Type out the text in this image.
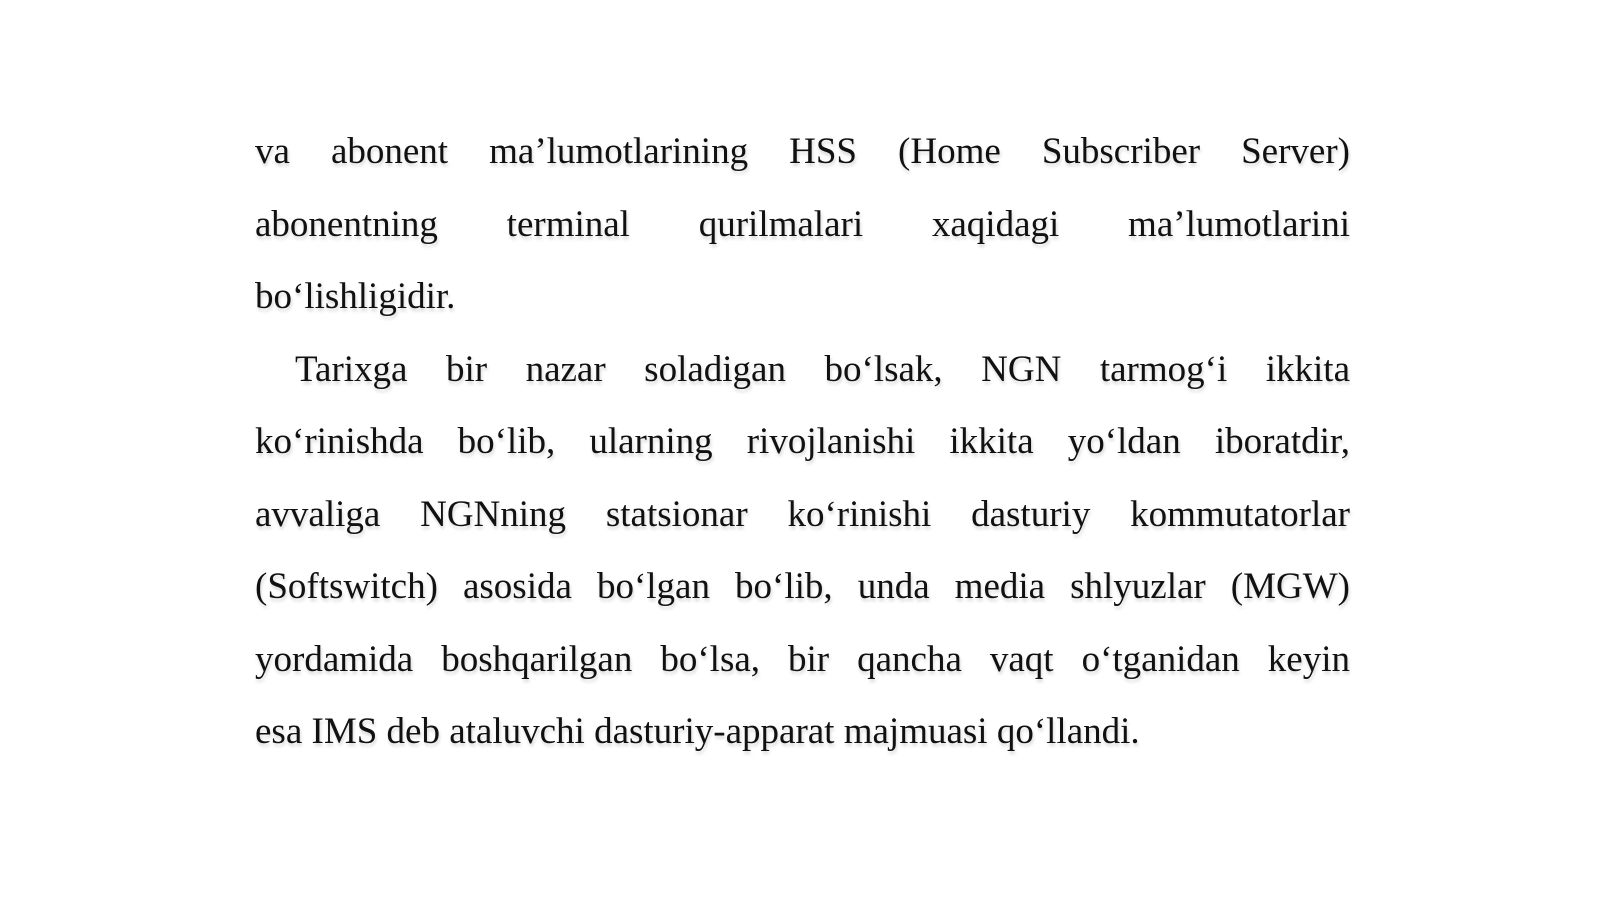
va abonent ma’lumotlarining HSS (Home Subscriber Server)
abonentning terminal qurilmalari xaqidagi ma’lumotlarini
bo‘lishligidir.
Tarixga bir nazar soladigan bo‘lsak, NGN tarmog‘i ikkita
ko‘rinishda bo‘lib, ularning rivojlanishi ikkita yo‘ldan iboratdir,
avvaliga NGNning statsionar ko‘rinishi dasturiy kommutatorlar
(Softswitch) asosida bo‘lgan bo‘lib, unda media shlyuzlar (MGW)
yordamida boshqarilgan bo‘lsa, bir qancha vaqt o‘tganidan keyin
esa IMS deb ataluvchi dasturiy-apparat majmuasi qo‘llandi.
